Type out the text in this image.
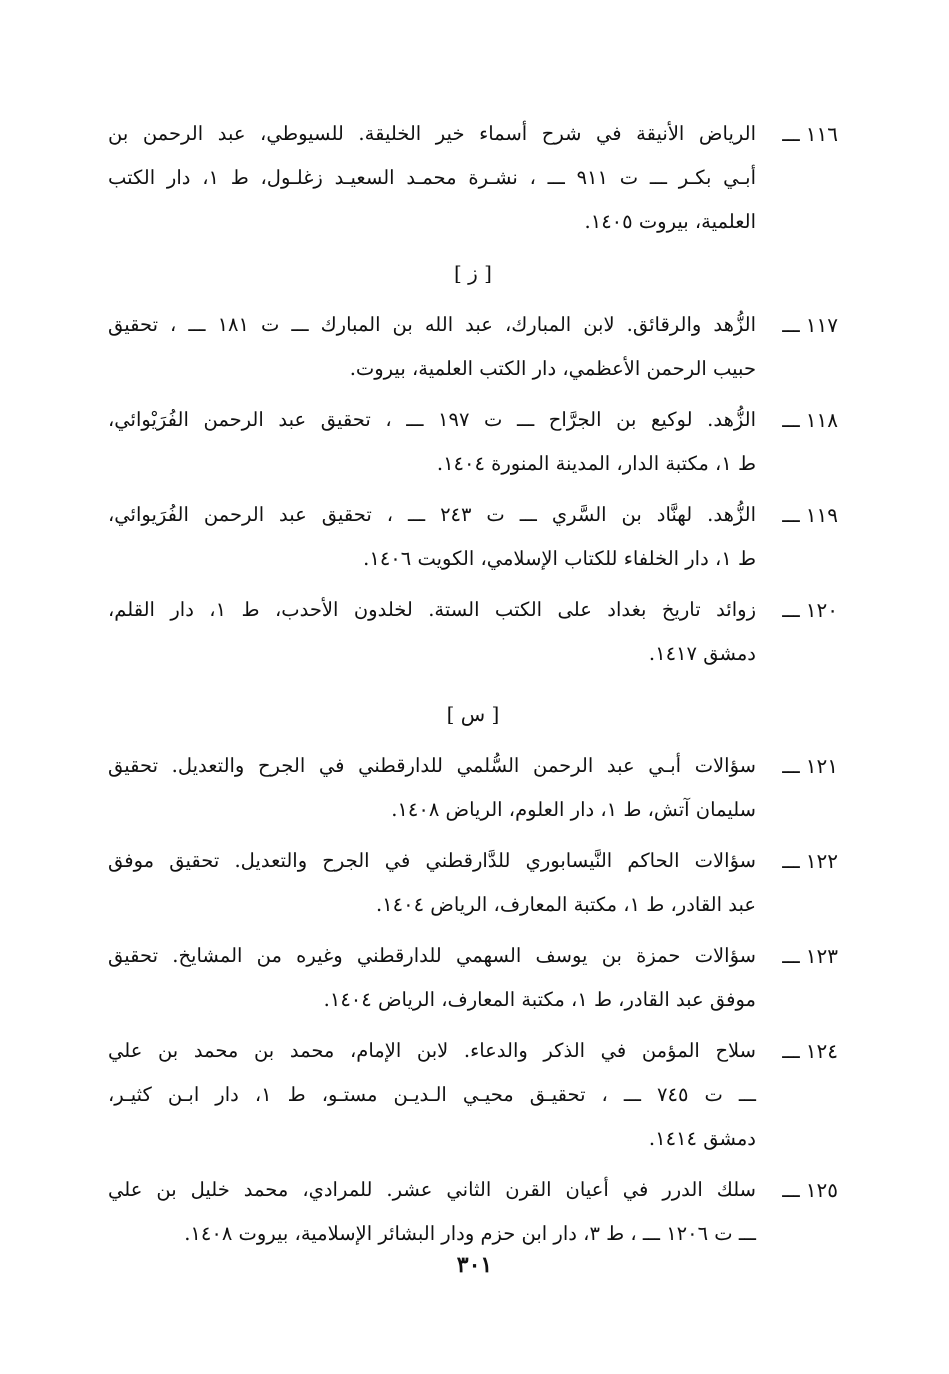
١١٦ـــ
الرياض الأنيقة في شرح أسماء خير الخليقة. للسيوطي، عبد الرحمن بن
أبـي بكـر ـــ ت ٩١١ ـــ ، نشـرة محمـد السعيـد زغلـول، ط ١، دار الكتب
العلمية، بيروت ١٤٠٥.
[ ز ]
١١٧ـــ
الزُّهد والرقائق. لابن المبارك، عبد الله بن المبارك ـــ ت ١٨١ ـــ ، تحقيق
حبيب الرحمن الأعظمي، دار الكتب العلمية، بيروت.
١١٨ـــ
الزُّهد. لوكيع بن الجرَّاح ـــ ت ١٩٧ ـــ ، تحقيق عبد الرحمن الفُرَيْوائي،
ط ١، مكتبة الدار، المدينة المنورة ١٤٠٤.
١١٩ـــ
الزُّهد. لهنَّاد بن السَّري ـــ ت ٢٤٣ ـــ ، تحقيق عبد الرحمن الفُرَيوائي،
ط ١، دار الخلفاء للكتاب الإسلامي، الكويت ١٤٠٦.
١٢٠ـــ
زوائد تاريخ بغداد على الكتب الستة. لخلدون الأحدب، ط ١، دار القلم،
دمشق ١٤١٧.
[ س ]
١٢١ـــ
سؤالات أبـي عبد الرحمن السُّلمي للدارقطني في الجرح والتعديل. تحقيق
سليمان آتش، ط ١، دار العلوم، الرياض ١٤٠٨.
١٢٢ـــ
سؤالات الحاكم النَّيسابوري للدَّارقطني في الجرح والتعديل. تحقيق موفق
عبد القادر، ط ١، مكتبة المعارف، الرياض ١٤٠٤.
١٢٣ـــ
سؤالات حمزة بن يوسف السهمي للدارقطني وغيره من المشايخ. تحقيق
موفق عبد القادر، ط ١، مكتبة المعارف، الرياض ١٤٠٤.
١٢٤ـــ
سلاح المؤمن في الذكر والدعاء. لابن الإمام، محمد بن محمد بن علي
ـــ ت ٧٤٥ ـــ ، تحقيـق محيـي الـديـن مستـو، ط ١، دار ابـن كثيـر،
دمشق ١٤١٤.
١٢٥ـــ
سلك الدرر في أعيان القرن الثاني عشر. للمرادي، محمد خليل بن علي
ـــ ت ١٢٠٦ ـــ ، ط ٣، دار ابن حزم ودار البشائر الإسلامية، بيروت ١٤٠٨.
٣٠١
